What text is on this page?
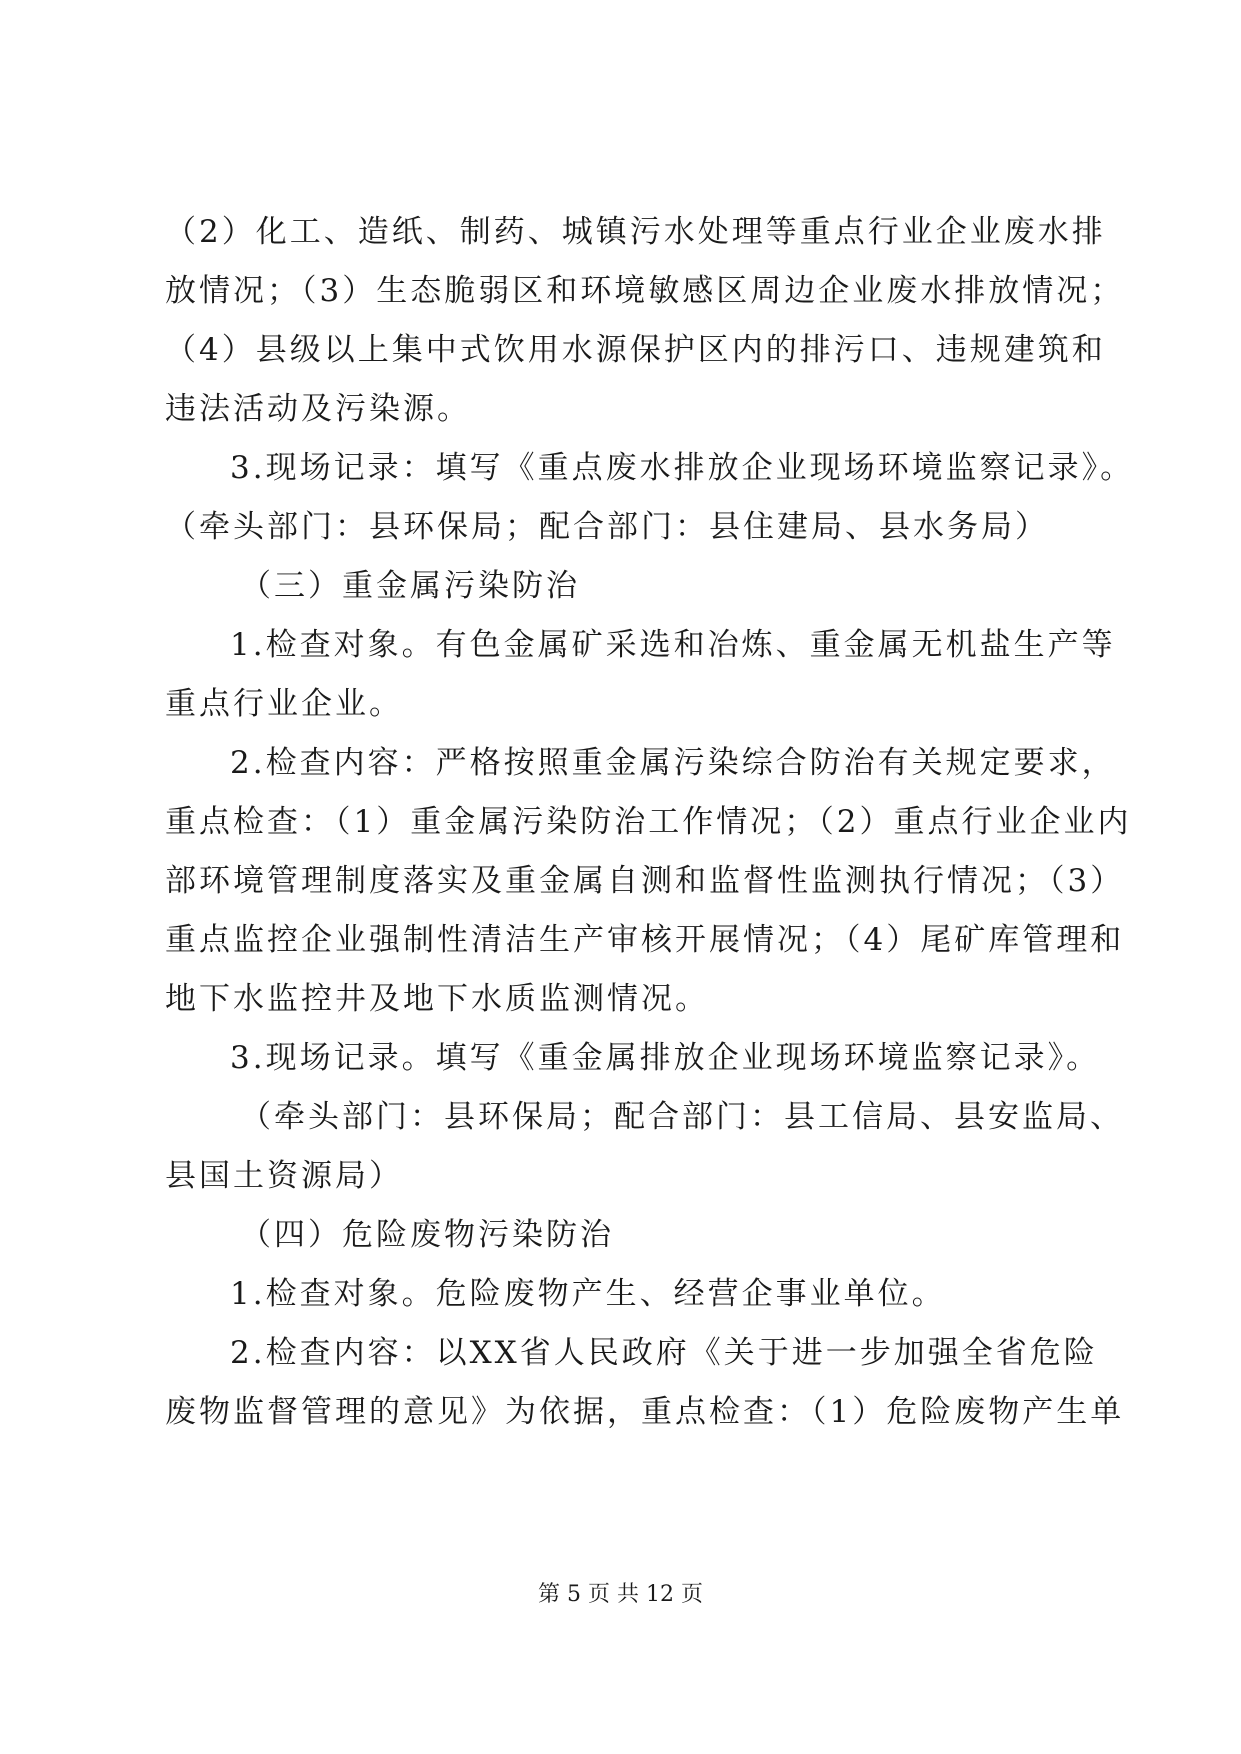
（2）化工、造纸、制药、城镇污水处理等重点行业企业废水排
放情况；（3）生态脆弱区和环境敏感区周边企业废水排放情况；
（4）县级以上集中式饮用水源保护区内的排污口、违规建筑和
违法活动及污染源。
3.现场记录：填写《重点废水排放企业现场环境监察记录》。
（牵头部门：县环保局；配合部门：县住建局、县水务局）
（三）重金属污染防治
1.检查对象。有色金属矿采选和冶炼、重金属无机盐生产等
重点行业企业。
2.检查内容：严格按照重金属污染综合防治有关规定要求，
重点检查：（1）重金属污染防治工作情况；（2）重点行业企业内
部环境管理制度落实及重金属自测和监督性监测执行情况；（3）
重点监控企业强制性清洁生产审核开展情况；（4）尾矿库管理和
地下水监控井及地下水质监测情况。
3.现场记录。填写《重金属排放企业现场环境监察记录》。
（牵头部门：县环保局；配合部门：县工信局、县安监局、
县国土资源局）
（四）危险废物污染防治
1.检查对象。危险废物产生、经营企事业单位。
2.检查内容：以XX省人民政府《关于进一步加强全省危险
废物监督管理的意见》为依据，重点检查：（1）危险废物产生单
第 5 页 共 12 页
